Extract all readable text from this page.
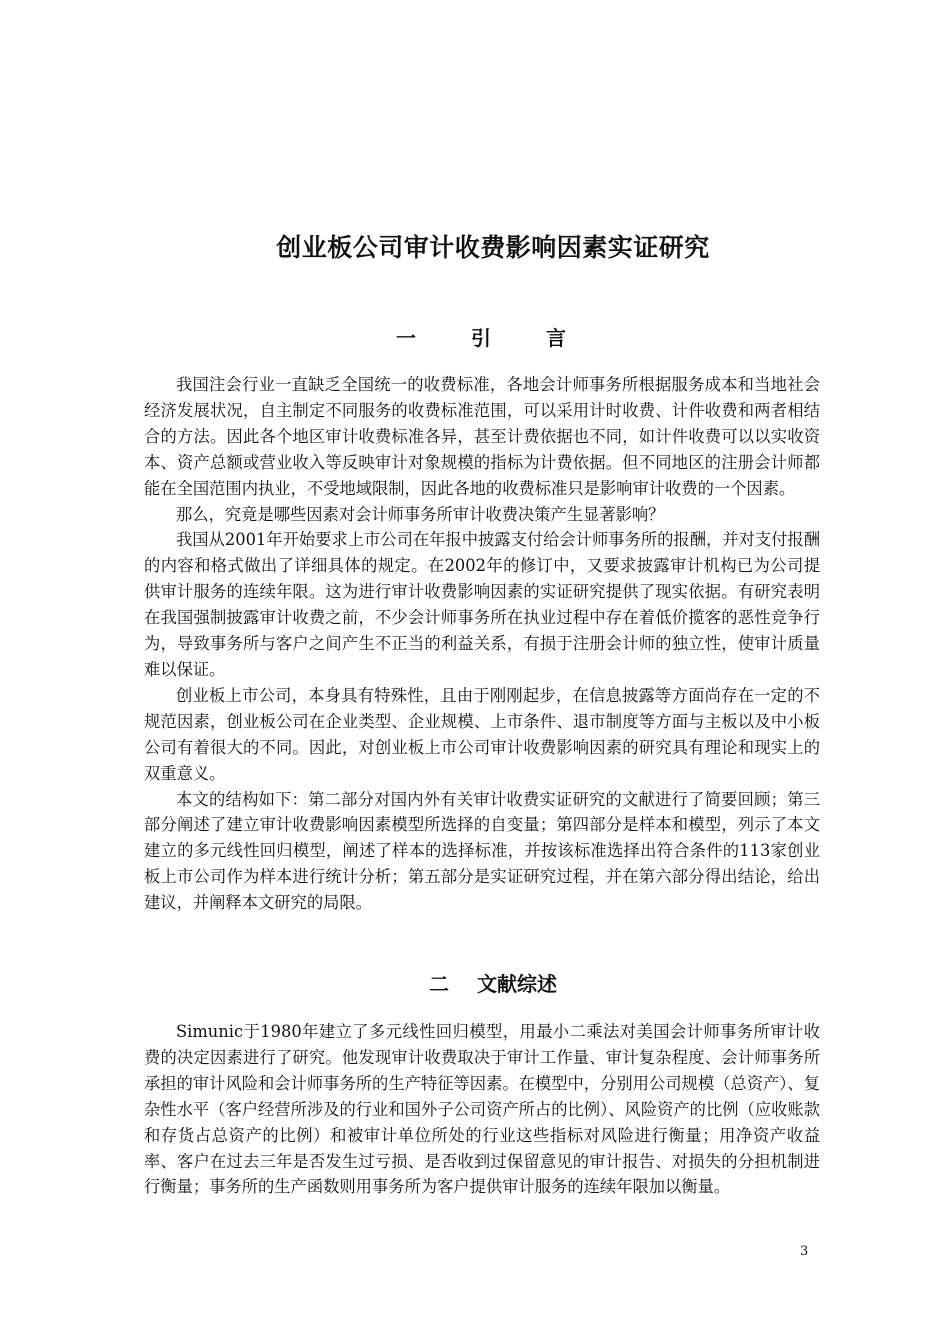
创业板公司审计收费影响因素实证研究
一 引 言

我国注会行业一直缺乏全国统一的收费标准，各地会计师事务所根据服务成本和当地社会经济发展状况，自主制定不同服务的收费标准范围，可以采用计时收费、计件收费和两者相结合的方法。因此各个地区审计收费标准各异，甚至计费依据也不同，如计件收费可以以实收资本、资产总额或营业收入等反映审计对象规模的指标为计费依据。但不同地区的注册会计师都能在全国范围内执业，不受地域限制，因此各地的收费标准只是影响审计收费的一个因素。

那么，究竟是哪些因素对会计师事务所审计收费决策产生显著影响？

我国从2001年开始要求上市公司在年报中披露支付给会计师事务所的报酬，并对支付报酬的内容和格式做出了详细具体的规定。在2002年的修订中，又要求披露审计机构已为公司提供审计服务的连续年限。这为进行审计收费影响因素的实证研究提供了现实依据。有研究表明在我国强制披露审计收费之前，不少会计师事务所在执业过程中存在着低价揽客的恶性竞争行为，导致事务所与客户之间产生不正当的利益关系，有损于注册会计师的独立性，使审计质量难以保证。

创业板上市公司，本身具有特殊性，且由于刚刚起步，在信息披露等方面尚存在一定的不规范因素，创业板公司在企业类型、企业规模、上市条件、退市制度等方面与主板以及中小板公司有着很大的不同。因此，对创业板上市公司审计收费影响因素的研究具有理论和现实上的双重意义。

本文的结构如下：第二部分对国内外有关审计收费实证研究的文献进行了简要回顾；第三部分阐述了建立审计收费影响因素模型所选择的自变量；第四部分是样本和模型，列示了本文建立的多元线性回归模型，阐述了样本的选择标准，并按该标准选择出符合条件的113家创业板上市公司作为样本进行统计分析；第五部分是实证研究过程，并在第六部分得出结论，给出建议，并阐释本文研究的局限。

二 文献综述

Simunic于1980年建立了多元线性回归模型，用最小二乘法对美国会计师事务所审计收费的决定因素进行了研究。他发现审计收费取决于审计工作量、审计复杂程度、会计师事务所承担的审计风险和会计师事务所的生产特征等因素。在模型中，分别用公司规模（总资产）、复杂性水平（客户经营所涉及的行业和国外子公司资产所占的比例）、风险资产的比例（应收账款和存货占总资产的比例）和被审计单位所处的行业这些指标对风险进行衡量；用净资产收益率、客户在过去三年是否发生过亏损、是否收到过保留意见的审计报告、对损失的分担机制进行衡量；事务所的生产函数则用事务所为客户提供审计服务的连续年限加以衡量。

3
